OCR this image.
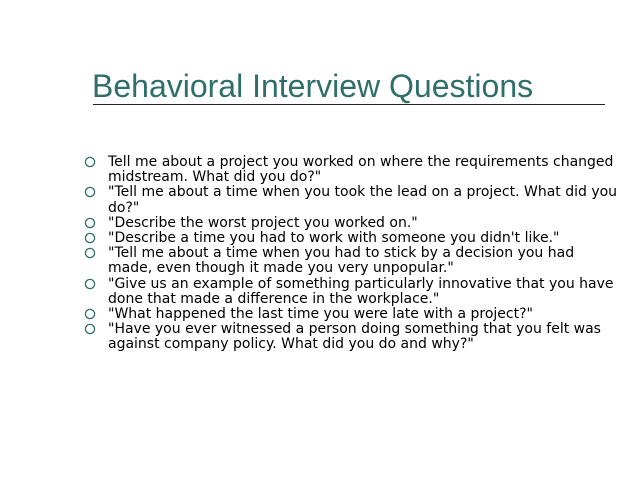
Behavioral Interview Questions
Tell me about a project you worked on where the requirements changed midstream. What did you do?"
"Tell me about a time when you took the lead on a project. What did you do?"
"Describe the worst project you worked on."
"Describe a time you had to work with someone you didn't like."
"Tell me about a time when you had to stick by a decision you had made, even though it made you very unpopular."
"Give us an example of something particularly innovative that you have done that made a difference in the workplace."
"What happened the last time you were late with a project?"
"Have you ever witnessed a person doing something that you felt was against company policy. What did you do and why?"
